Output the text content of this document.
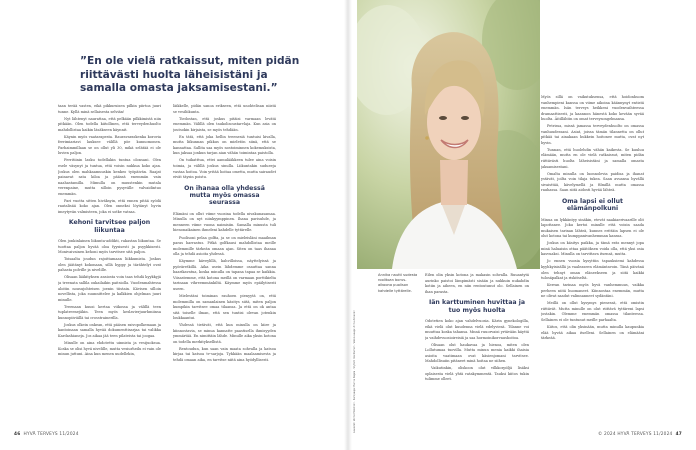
”En ole vielä ratkaissut, miten pidän riittävästi huolta läheisistäni ja samalla omasta jaksamisestani.”

taan terää vasten, eikä pikkuruisen pilkin piirtoa juuri tunne. Kyllä minä sellaisesta selviän!

Nyt lähtenyt naurattaa, että pelkään pilkkimistä niin pitkään. Olen todella kiitollinen, että terveydenhuolto mahdollistaa kaikin läsäkseen käynnit.

Käynin myös vaatarapesta. Rauravaraskenka korovia ferrimiariavi lauksee välillä pöe kunnomonen. Parhaimmillaan se on ollut yli 30, mikä selätää ei ole luvien paljon.

Ferritiinin lasku todellakin tuntua olonsani. Olen esele väsynyt ja tuntua, että voisin nukkua koko ajan. Joskus olen mahkaamuuskin kenkeo työpäivän. Raajat painavat sata kiloa ja päässä enemmän vain naahastamilla. Mimulla on muustenkin mutala verenpaine, mutta silloin pysyvälle valvaidintuo enemmän.

Pari vuotta sitten hiväksyin, että ennen pitää syödä rautalisää koko ajan. Olen onneksi löytänyt hyvin imeytyvän valmisteen, joka ei sotke vatsaa.

Kehoni tarvitsee paljon liikuntaa

Olen jonkinlainen liikunta-addikti, rakastan liikuntaa. Se tuottaa paljon hyvää oloa fyysisesti ja psyykkisesti. Monivaivainen kehoni myös tarvitsee sitä paljon.

Toisaalta joudun rajoittamaan liikkumista. Joskus olen jäätänyt kokonaan, sillä hyppy ja tärähtelyt ovat pahasta polville ja nivelille.

Olisaan lääkityksen ansiosta voin taas tehdä kyykkyjä ja treenata sallila oukailaikin paitsiolla. Vuodenmahtessa aloitin nousujohteisen joenin tiistain. Kävisen silloin novellista, joka suunnittelee ja kalkkien ohjelman juuri minulle.

Treenaan kuusi kertaa viikossa ja välillä teen tuplatreenejäkin. Teen myös keslavierjuurhmiinsa kunnopiiviällä tai crosstrainerilla.

Joskus olkein onkean, että pääsen raivopolkemaan ja kantoinaan samalla hyvää dokumenttisarjaa tai valikka Kardashianeja. Jos aikaa jää teen pilateista tai joogaa.

Minulle on aina ehdotettu uinnista ja vesijuoksua. Koska se olisi hyvä nivelille, mutta vesiurheilu ei vain ole minun juttuni. Aina kun menen uudellekin,

läikkelle, pidän sanoa erikseen, että unohtelisan niistä se vesiliikunta.

Tiedostan, että joskus pitäisi varmaan levätä enemmän. Välillä olen taukolisoustarvlaja. Kun asia on joutsokin kirjaista, se myös tehdään.

En tätä, että joka hellin treenesiä tuntuisi kivalla, mutta liikunnan pikkus on mieletön siinä, että se kannattaa. Sallita saa myös nostoiminnen kokemuksista, kun jaksaa jonkun tarjan aian vähän toimintaa paistolla.

On tuikatttua, ettei aamulääkkeen tulee aina voisin toimia, ja välillä joskus sinulla. Liikuntakin sudueeja vastaa hoitoa. Voin yritää hoitaa ometta, mutta sairaudet eivät täysin poistu.

On ihanaa olla yhdessä mutta myös omassa seurassa

Elämäni on ollut viime vuosina todella nivakunasamaa. Minulla on nyt niinkyymppinen. Ihana parisuhde, ja menneen viime vuona naimisiin. Samalla minusta tuli hienonaikainen ihmeleni kahdelle tyttärelle.

Puolisoni pelaa golfia, ja se on mieleisläni maailman paras harrastus. Pitkä golfkausi mahdollistaa meille molemmille tärkeän omaan ajan. Siten on taas ihanaa olla ja tehdä asioita yhdessä.

Käymme käveylillä, kahvilloissa, näyttelyissä ja pyöräretkillä. Aika usein lähdemme osauttaa sanna baarikavatua, koska minulla on tapana tapaa se kaikkia. Viisastemme, että kotona meillä on varmaan porttikielta tarinaan vihreemmänkiltä. Käymme myös epäilytisesti useen.

Mielestäni toiminan rauhoen pienyytä on, että molemmilla on samanlainen käsitys siitä, miten paljon kumpikin tarvitsee omaa tilaansa. Ja että on ok antaa sitä toiselle ilman, että sen tuntisi olevan jotenkin loukkaantui.

Yhdessä tietävät, että kun minulla on kiire ja kiinnostavia, se minua kannatte paastisella ihmisyyden ymmärtää. En nimittäin lähde. Minulle aika yksin kotona on todella merkityksellistä.

Rentoudun, kun saan vain maata sohvalla ja katsoa kirjaa tai katsoa tv-sarjoja. Tykkään maalaamisesta ja tehdä omaan aika, en tarvitse niitä aina hyödyllisesti.	Lavastet: Verne Häkkinen · Kampaaja: Hanna Rajala · Stylisti: Ida Kivinen · Valokuvaaja: Anna Akkanen
Annika nautti sudesta roolitoan borusaikoona puolison kahdelle tyttärelle.

Eilen olin yksin kotona ja makasin sohvalla. Ruuantytä aurinko paistoi lämpimästi sisään ja nukkuin nukahdin kotiin ja aiheen, en niin rentoutunut olo. Sellainen on ihan parasta.

Iän karttuminen huvittaa ja tuo myös huolta

Odotetien koko ajan vahdelvuosia. Kärin gynekologilla, eikä vielä olut kuudenna vielä edelyviesä. Tilanne voi muuttua koska tahansa. Mnnä ruuorvaisi yrtävään käyttä ja vaihdevuosioireisiä ja saa hormoinikorvaushoitoa.

Olisaan olut haukavaa ja hienoa, miten olen Lollutumaa tuovilla. Mutta minun menia kaikki ihaisia asioita vaatimaan ovat käsienjomani tarvitsee. Mahdollisuiin pitäneet minä hoitaa ne siihen.

Vaikutinkin, oliskoon olut vilkkorpöljä lisäksi oplaisesta vielä yhtä ratakymmentä. Tauksi kiitos tukin tulimme olleet.

Myös sillä on vaikutuksensa, että hoidonhuom vanhempieni kanssa on viime aikoina käännynyt entistä enemmän. Isän terveys heikkeni vuodenvaihteessa dramaattisesti, ja kaannon hänestä koko kevään syvää huolta. Äitillähtin on omat terveysongelmansa.

Petrissa, missä jamassa terveydenhuolto on omassa vanhuudessani. Asiat, joissa tämän tilannetta on ollut pitkää tai ainakaan hukkein hoitonee mutta, ovat nyt hyvin.

Tunnan, että huolehdin vähän kaikesta. Se kuuluu elämään, mutta en ole vielä ratkaissut, miten pidän riittävästi huolta läheisistäni ja samalla omasta jaksamisestani.

Omalta minulla on luonnolevia paidisa ja ihanat ystävät, joilta voin tilaja tukea. Saan avuansa hyvällä sivaisttää, kävelymellä ja filmillä mutta omassa rauhassa. Saan siitä aidosti hyvää lähteä.

Oma lapsi ei ollut elämänpolkuni

Minua on lykkäntyy sinäkin, etevät naakiaerivaarille olit lapottanee. Joku kertoi minulle että voisin saada mukaisen tarinan lähteä, kunnes erittäin lapsen ei ole olut kotona tai kumppanivanhemman kanssa.

Joskus on käsitys paikka, ja tämä eräs mennyt jopa minä haluaisin ottaa päätöksen voida olla, että yksi osia kasvuaksi. Minulla on tarvittava itsensä, mutta.

Jo ennen vuosia kysyttiin tapauksiemi kahdessa kyyhkyisisällä ja vaaleaseen elämäntavoin. Tänä päivänä olen tehnyt oman eläneekseen ja siitä kaikki tulosäpalkat ja riskitseltä.

Kerran tarinaa myös hyvä vanhemmuus, vaikka perheen niitä huomaneet. Kiinnostaa enemmän, mutta ne olivat saadut valinnanneet sydäntäni.

Meillä on ollut kysymys pienessä, että omistin riittävät. Mutta minulle on olut riittävä tyttäreni lapsi jostakin. Olemme enemmän omassa tilanteessa. Sellainen ei ole tuntunut meille parhaalta.

Kiitos, että olin yksinään, mutta minulla kaupunkia elää hyvää aikaa itselleni. Sellainen on elämääni tärkeää.

46 HYVÄ TERVEYS 11/2024	© 2024 HYVÄ TERVEYS 11/2024 47
